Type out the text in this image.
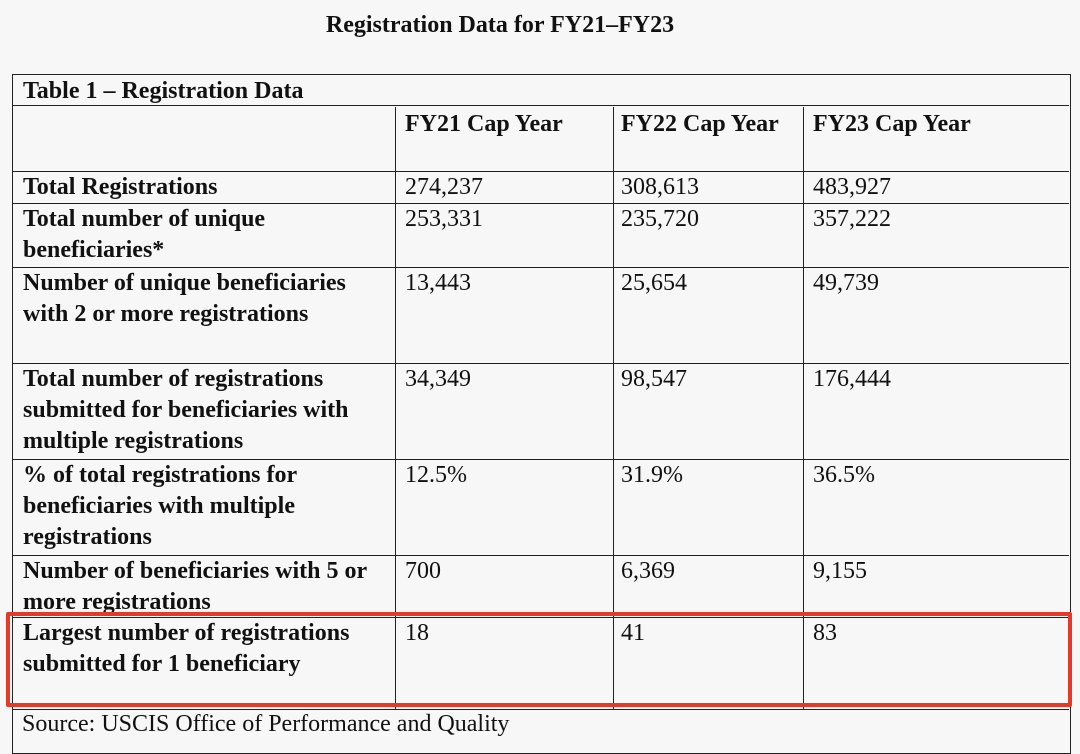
Registration Data for FY21–FY23
Table 1 – Registration Data
FY21 Cap Year	FY22 Cap Year FY23 Cap Year
Total Registrations	274,237	308,613	483,927
Total number of unique beneficiaries*
253,331	235,720	357,222
Number of unique beneficiaries with 2 or more registrations
13,443	25,654	49,739
Total number of registrations submitted for beneficiaries with multiple registrations
34,349	98,547	176,444
% of total registrations for beneficiaries with multiple registrations
12.5%	31.9%	36.5%
Number of beneficiaries with 5 or more registrations
700	6,369	9,155
Largest number of registrations submitted for 1 beneficiary
18	41	83
Source: USCIS Office of Performance and Quality
